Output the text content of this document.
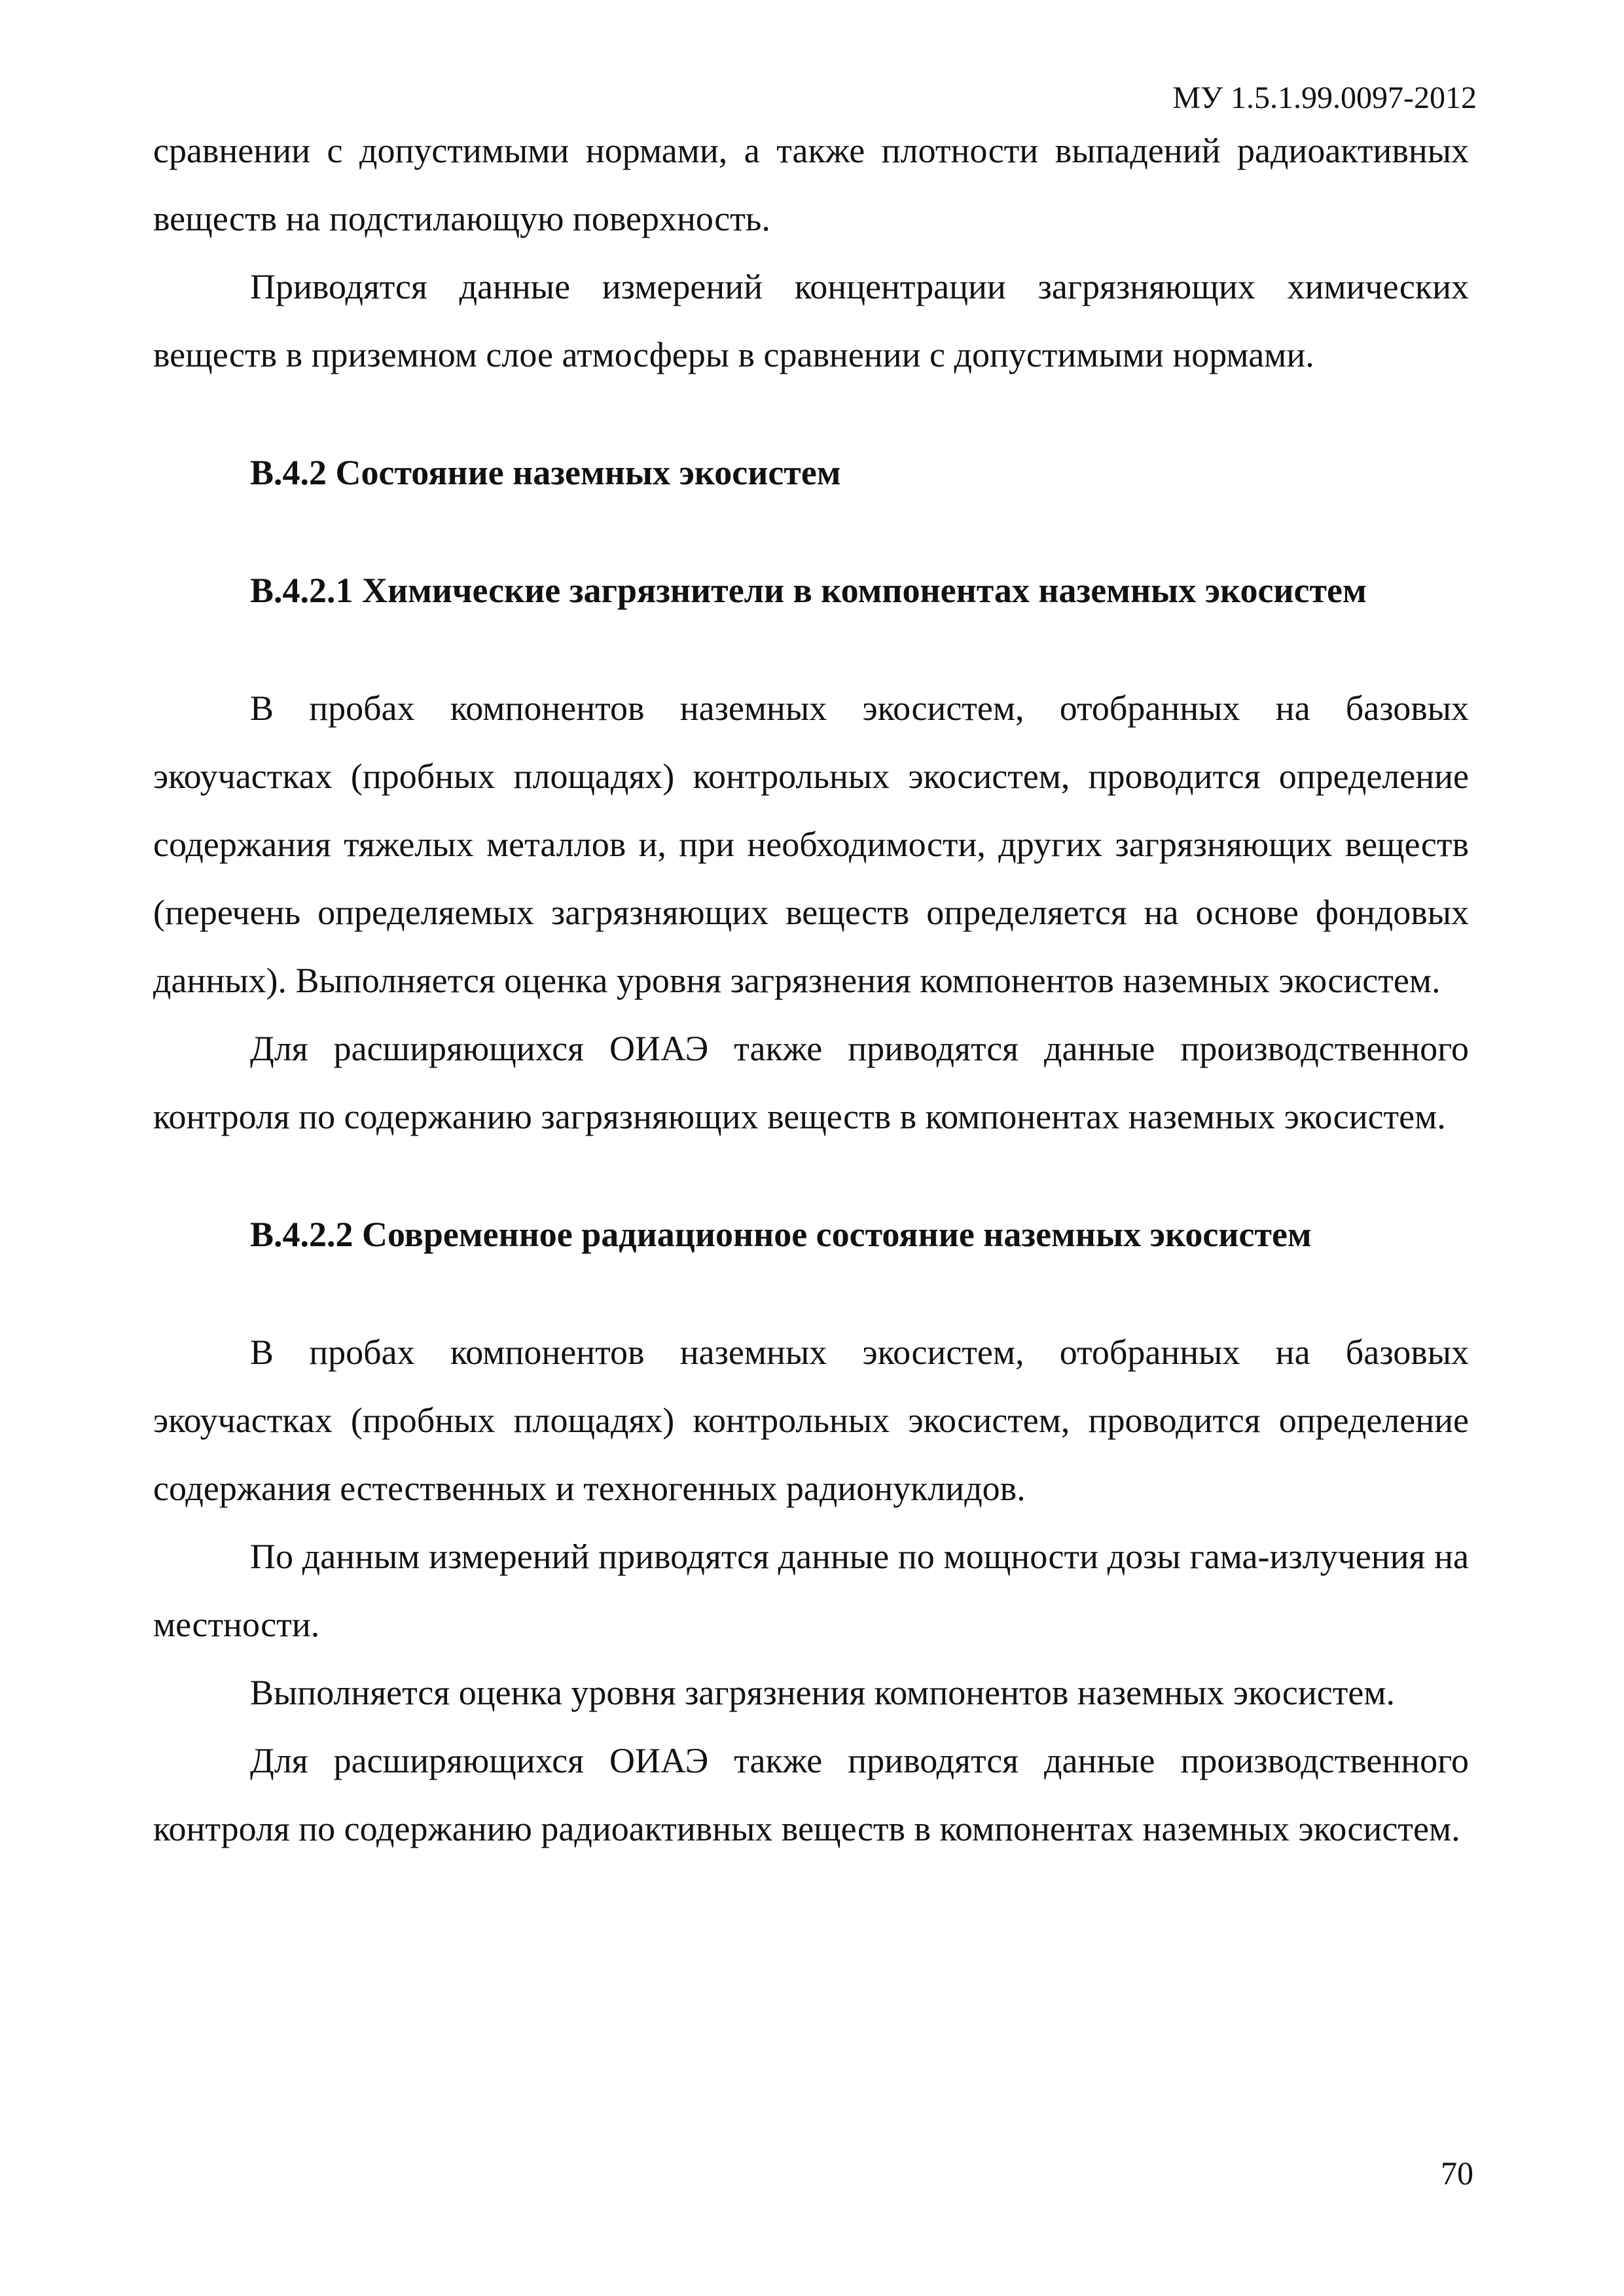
МУ 1.5.1.99.0097-2012

сравнении с допустимыми нормами, а также плотности выпадений радиоактивных веществ на подстилающую поверхность.

Приводятся данные измерений концентрации загрязняющих химических веществ в приземном слое атмосферы в сравнении с допустимыми нормами.

В.4.2 Состояние наземных экосистем

В.4.2.1 Химические загрязнители в компонентах наземных экосистем

В пробах компонентов наземных экосистем, отобранных на базовых экоучастках (пробных площадях) контрольных экосистем, проводится определение содержания тяжелых металлов и, при необходимости, других загрязняющих веществ (перечень определяемых загрязняющих веществ определяется на основе фондовых данных). Выполняется оценка уровня загрязнения компонентов наземных экосистем.

Для расширяющихся ОИАЭ также приводятся данные производственного контроля по содержанию загрязняющих веществ в компонентах наземных экосистем.

В.4.2.2 Современное радиационное состояние наземных экосистем

В пробах компонентов наземных экосистем, отобранных на базовых экоучастках (пробных площадях) контрольных экосистем, проводится определение содержания естественных и техногенных радионуклидов.

По данным измерений приводятся данные по мощности дозы гама-излучения на местности.

Выполняется оценка уровня загрязнения компонентов наземных экосистем.

Для расширяющихся ОИАЭ также приводятся данные производственного контроля по содержанию радиоактивных веществ в компонентах наземных экосистем.

70
